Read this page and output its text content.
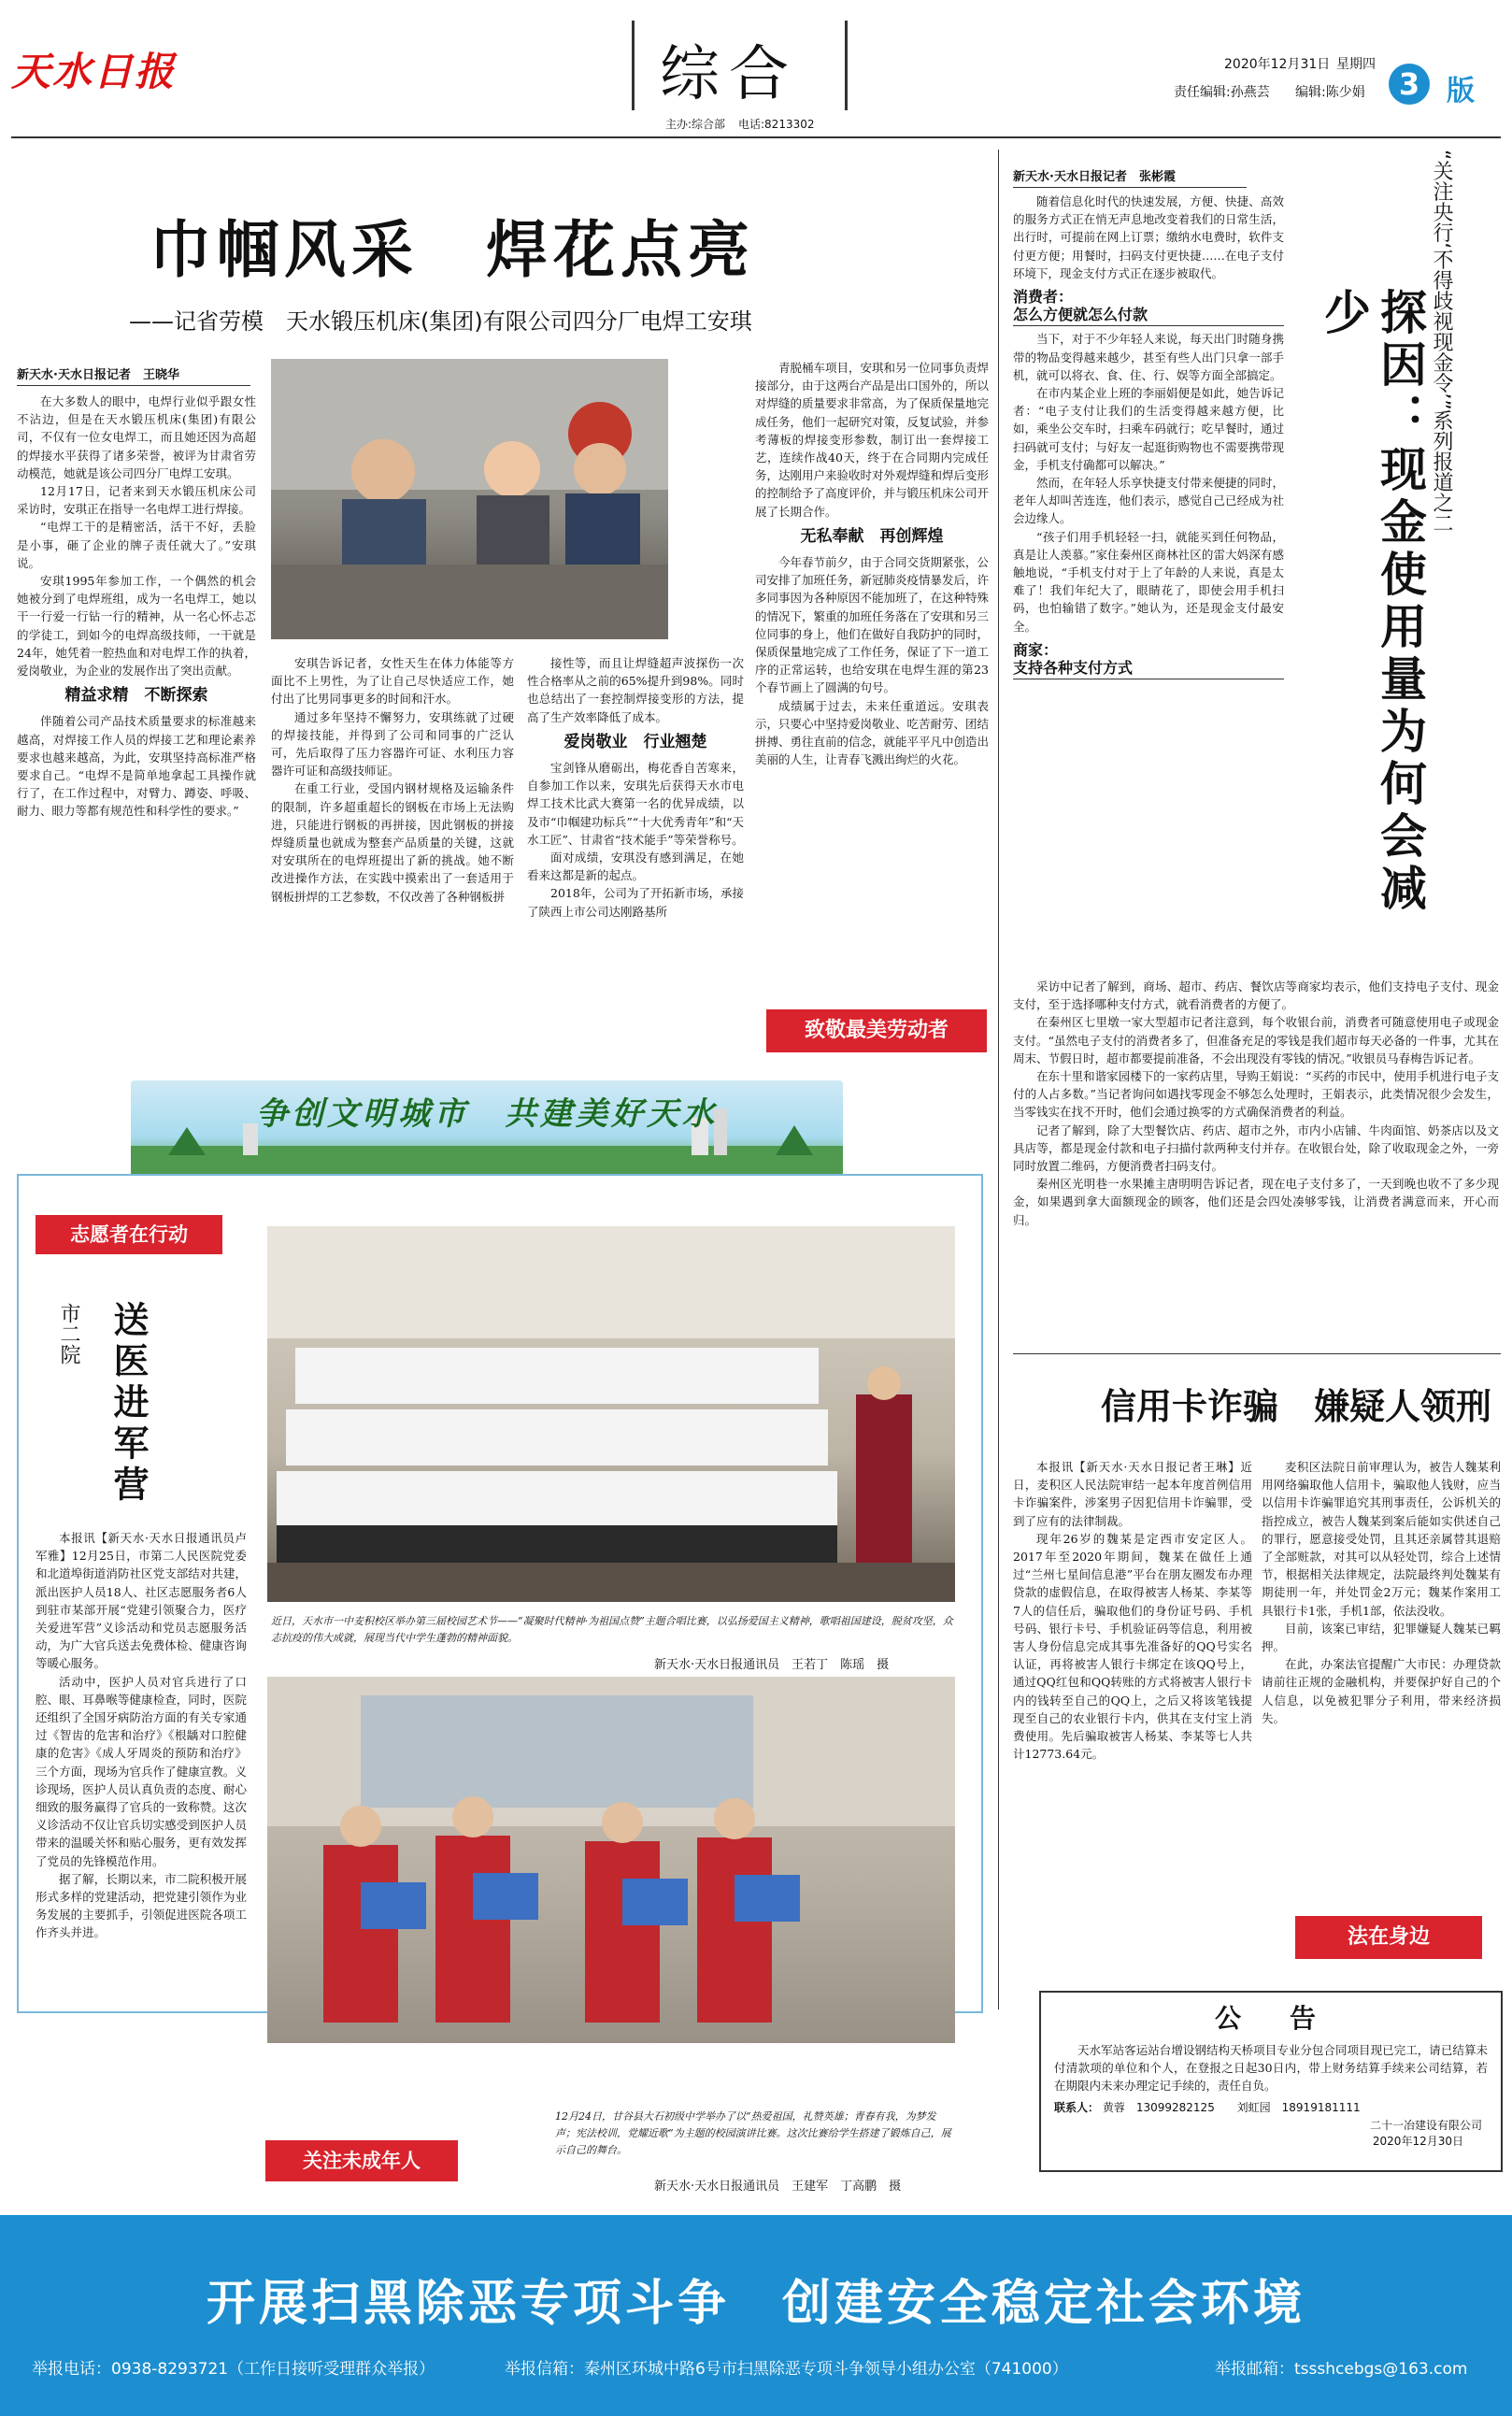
天水日报	综合
主办:综合部 电话:8213302
2020年12月31日 星期四
3 版
责任编辑:孙燕芸 编辑:陈少娟
巾帼风采　焊花点亮
——记省劳模　天水锻压机床(集团)有限公司四分厂电焊工安琪
新天水·天水日报记者　王晓华

在大多数人的眼中，电焊行业似乎跟女性不沾边，但是在天水锻压机床(集团)有限公司，不仅有一位女电焊工，而且她还因为高超的焊接水平获得了诸多荣誉，被评为甘肃省劳动模范，她就是该公司四分厂电焊工安琪。

12月17日，记者来到天水锻压机床公司采访时，安琪正在指导一名电焊工进行焊接。

“电焊工干的是精密活，活干不好，丢脸是小事，砸了企业的牌子责任就大了。”安琪说。

安琪1995年参加工作，一个偶然的机会她被分到了电焊班组，成为一名电焊工，她以干一行爱一行钻一行的精神，从一名心怀忐忑的学徒工，到如今的电焊高级技师，一干就是24年，她凭着一腔热血和对电焊工作的执着，爱岗敬业，为企业的发展作出了突出贡献。

精益求精　不断探索

伴随着公司产品技术质量要求的标准越来越高，对焊接工作人员的焊接工艺和理论素养要求也越来越高，为此，安琪坚持高标准严格要求自己。“电焊不是简单地拿起工具操作就行了，在工作过程中，对臂力、蹲姿、呼吸、耐力、眼力等都有规范性和科学性的要求。”

安琪告诉记者，女性天生在体力体能等方面比不上男性，为了让自己尽快适应工作，她付出了比男同事更多的时间和汗水。

通过多年坚持不懈努力，安琪练就了过硬的焊接技能，并得到了公司和同事的广泛认可，先后取得了压力容器许可证、水利压力容器许可证和高级技师证。

在重工行业，受国内钢材规格及运输条件的限制，许多超重超长的钢板在市场上无法购进，只能进行钢板的再拼接，因此钢板的拼接焊缝质量也就成为整套产品质量的关键，这就对安琪所在的电焊班提出了新的挑战。她不断改进操作方法，在实践中摸索出了一套适用于钢板拼焊的工艺参数，不仅改善了各种钢板拼

接性等，而且让焊缝超声波探伤一次性合格率从之前的65%提升到98%。同时也总结出了一套控制焊接变形的方法，提高了生产效率降低了成本。

爱岗敬业　行业翘楚

宝剑锋从磨砺出，梅花香自苦寒来，自参加工作以来，安琪先后获得天水市电焊工技术比武大赛第一名的优异成绩，以及市“巾帼建功标兵”“十大优秀青年”和“天水工匠”、甘肃省“技术能手”等荣誉称号。

面对成绩，安琪没有感到满足，在她看来这都是新的起点。

2018年，公司为了开拓新市场，承接了陕西上市公司达刚路基所

青脱桶车项目，安琪和另一位同事负责焊接部分，由于这两台产品是出口国外的，所以对焊缝的质量要求非常高，为了保质保量地完成任务，他们一起研究对策，反复试验，并参考薄板的焊接变形参数，制订出一套焊接工艺，连续作战40天，终于在合同期内完成任务，达刚用户来验收时对外观焊缝和焊后变形的控制给予了高度评价，并与锻压机床公司开展了长期合作。

无私奉献　再创辉煌

今年春节前夕，由于合同交货期紧张，公司安排了加班任务，新冠肺炎疫情暴发后，许多同事因为各种原因不能加班了，在这种特殊的情况下，繁重的加班任务落在了安琪和另三位同事的身上，他们在做好自我防护的同时，保质保量地完成了工作任务，保证了下一道工序的正常运转，也给安琪在电焊生涯的第23个春节画上了圆满的句号。

成绩属于过去，未来任重道远。安琪表示，只要心中坚持爱岗敬业、吃苦耐劳、团结拼搏、勇往直前的信念，就能平平凡中创造出美丽的人生，让青春飞溅出绚烂的火花。

致敬最美劳动者
新天水·天水日报记者　张彬霞	“关注央行‘不得歧视现金令’”系列报道之二
探因：现金使用量为何会减少

随着信息化时代的快速发展，方便、快捷、高效的服务方式正在悄无声息地改变着我们的日常生活，出行时，可提前在网上订票；缴纳水电费时，软件支付更方便；用餐时，扫码支付更快捷……在电子支付环境下，现金支付方式正在逐步被取代。

消费者：
怎么方便就怎么付款

当下，对于不少年轻人来说，每天出门时随身携带的物品变得越来越少，甚至有些人出门只拿一部手机，就可以将衣、食、住、行、娱等方面全部搞定。

在市内某企业上班的李丽娟便是如此，她告诉记者：“电子支付让我们的生活变得越来越方便，比如，乘坐公交车时，扫乘车码就行；吃早餐时，通过扫码就可支付；与好友一起逛街购物也不需要携带现金，手机支付确都可以解决。”

然而，在年轻人乐享快捷支付带来便捷的同时，老年人却叫苦连连，他们表示，感觉自己已经成为社会边缘人。

“孩子们用手机轻轻一扫，就能买到任何物品，真是让人羡慕。”家住秦州区商林社区的雷大妈深有感触地说，“手机支付对于上了年龄的人来说，真是太难了！我们年纪大了，眼睛花了，即使会用手机扫码，也怕输错了数字。”她认为，还是现金支付最安全。

商家：
支持各种支付方式

采访中记者了解到，商场、超市、药店、餐饮店等商家均表示，他们支持电子支付、现金支付，至于选择哪种支付方式，就看消费者的方便了。

在秦州区七里墩一家大型超市记者注意到，每个收银台前，消费者可随意使用电子或现金支付。“虽然电子支付的消费者多了，但准备充足的零钱是我们超市每天必备的一件事，尤其在周末、节假日时，超市都要提前准备，不会出现没有零钱的情况。”收银员马春梅告诉记者。

在东十里和谐家园楼下的一家药店里，导购王娟说：“买药的市民中，使用手机进行电子支付的人占多数。”当记者询问如遇找零现金不够怎么处理时，王娟表示，此类情况很少会发生，当零钱实在找不开时，他们会通过换零的方式确保消费者的利益。

记者了解到，除了大型餐饮店、药店、超市之外，市内小店铺、牛肉面馆、奶茶店以及文具店等，都是现金付款和电子扫描付款两种支付并存。在收银台处，除了收取现金之外，一旁同时放置二维码，方便消费者扫码支付。

秦州区光明巷一水果摊主唐明明告诉记者，现在电子支付多了，一天到晚也收不了多少现金，如果遇到拿大面额现金的顾客，他们还是会四处凑够零钱，让消费者满意而来，开心而归。

信用卡诈骗　嫌疑人领刑

本报讯【新天水·天水日报记者王琳】近日，麦积区人民法院审结一起本年度首例信用卡诈骗案件，涉案男子因犯信用卡诈骗罪，受到了应有的法律制裁。

现年26岁的魏某是定西市安定区人。2017年至2020年期间，魏某在做任上通过“兰州七星间信息港”平台在朋友圈发布办理贷款的虚假信息，在取得被害人杨某、李某等7人的信任后，骗取他们的身份证号码、手机号码、银行卡号、手机验证码等信息，利用被害人身份信息完成其事先准备好的QQ号实名认证，再将被害人银行卡绑定在该QQ号上，通过QQ红包和QQ转账的方式将被害人银行卡内的钱转至自己的QQ上，之后又将该笔钱提现至自己的农业银行卡内，供其在支付宝上消费使用。先后骗取被害人杨某、李某等七人共计12773.64元。

麦积区法院日前审理认为，被告人魏某利用网络骗取他人信用卡，骗取他人钱财，应当以信用卡诈骗罪追究其刑事责任，公诉机关的指控成立，被告人魏某到案后能如实供述自己的罪行，愿意接受处罚，且其还亲属替其退赔了全部赃款，对其可以从轻处罚，综合上述情节，根据相关法律规定，法院最终判处魏某有期徒刑一年，并处罚金2万元；魏某作案用工具银行卡1张，手机1部，依法没收。

目前，该案已审结，犯罪嫌疑人魏某已羁押。

在此，办案法官提醒广大市民：办理贷款请前往正规的金融机构，并要保护好自己的个人信息，以免被犯罪分子利用，带来经济损失。

法在身边
公　告
天水军站客运站台增设钢结构天桥项目专业分包合同项目现已完工，请已结算未付清款项的单位和个人，在登报之日起30日内，带上财务结算手续来公司结算，若在期限内未来办理定记手续的，责任自负。
联系人： 黄蓉　13099282125 刘虹园　18919181111
二十一冶建设有限公司
2020年12月30日
争创文明城市　共建美好天水
志愿者在行动
市二院 送医进军营

本报讯【新天水·天水日报通讯员卢军雅】12月25日，市第二人民医院党委和北道埠街道消防社区党支部结对共建，派出医护人员18人、社区志愿服务者6人到驻市某部开展“党建引领聚合力，医疗关爱进军营”义诊活动和党员志愿服务活动，为广大官兵送去免费体检、健康咨询等暖心服务。

活动中，医护人员对官兵进行了口腔、眼、耳鼻喉等健康检查，同时，医院还组织了全国牙病防治方面的有关专家通过《智齿的危害和治疗》《根龋对口腔健康的危害》《成人牙周炎的预防和治疗》三个方面，现场为官兵作了健康宣教。义诊现场，医护人员认真负责的态度、耐心细致的服务赢得了官兵的一致称赞。这次义诊活动不仅让官兵切实感受到医护人员带来的温暖关怀和贴心服务，更有效发挥了党员的先锋模范作用。

据了解，长期以来，市二院积极开展形式多样的党建活动，把党建引领作为业务发展的主要抓手，引领促进医院各项工作齐头并进。

近日，天水市一中麦积校区举办第三届校园艺术节——“凝聚时代精神·为祖国点赞”主题合唱比赛，以弘扬爱国主义精神，歌唱祖国建设，脱贫攻坚，众志抗疫的伟大成就，展现当代中学生蓬勃的精神面貌。
新天水·天水日报通讯员　王若丁　陈瑶　摄
关注未成年人
12月24日，甘谷县大石初级中学举办了以“热爱祖国，礼赞英雄；青春有我，为梦发声；宪法校训，党耀近歌”为主题的校园演讲比赛。这次比赛给学生搭建了锻炼自己，展示自己的舞台。
新天水·天水日报通讯员　王建军　丁高鹏　摄
开展扫黑除恶专项斗争　创建安全稳定社会环境
举报电话：0938-8293721（工作日接听受理群众举报）	举报信箱：秦州区环城中路6号市扫黑除恶专项斗争领导小组办公室（741000）	举报邮箱：tssshcebgs@163.com
